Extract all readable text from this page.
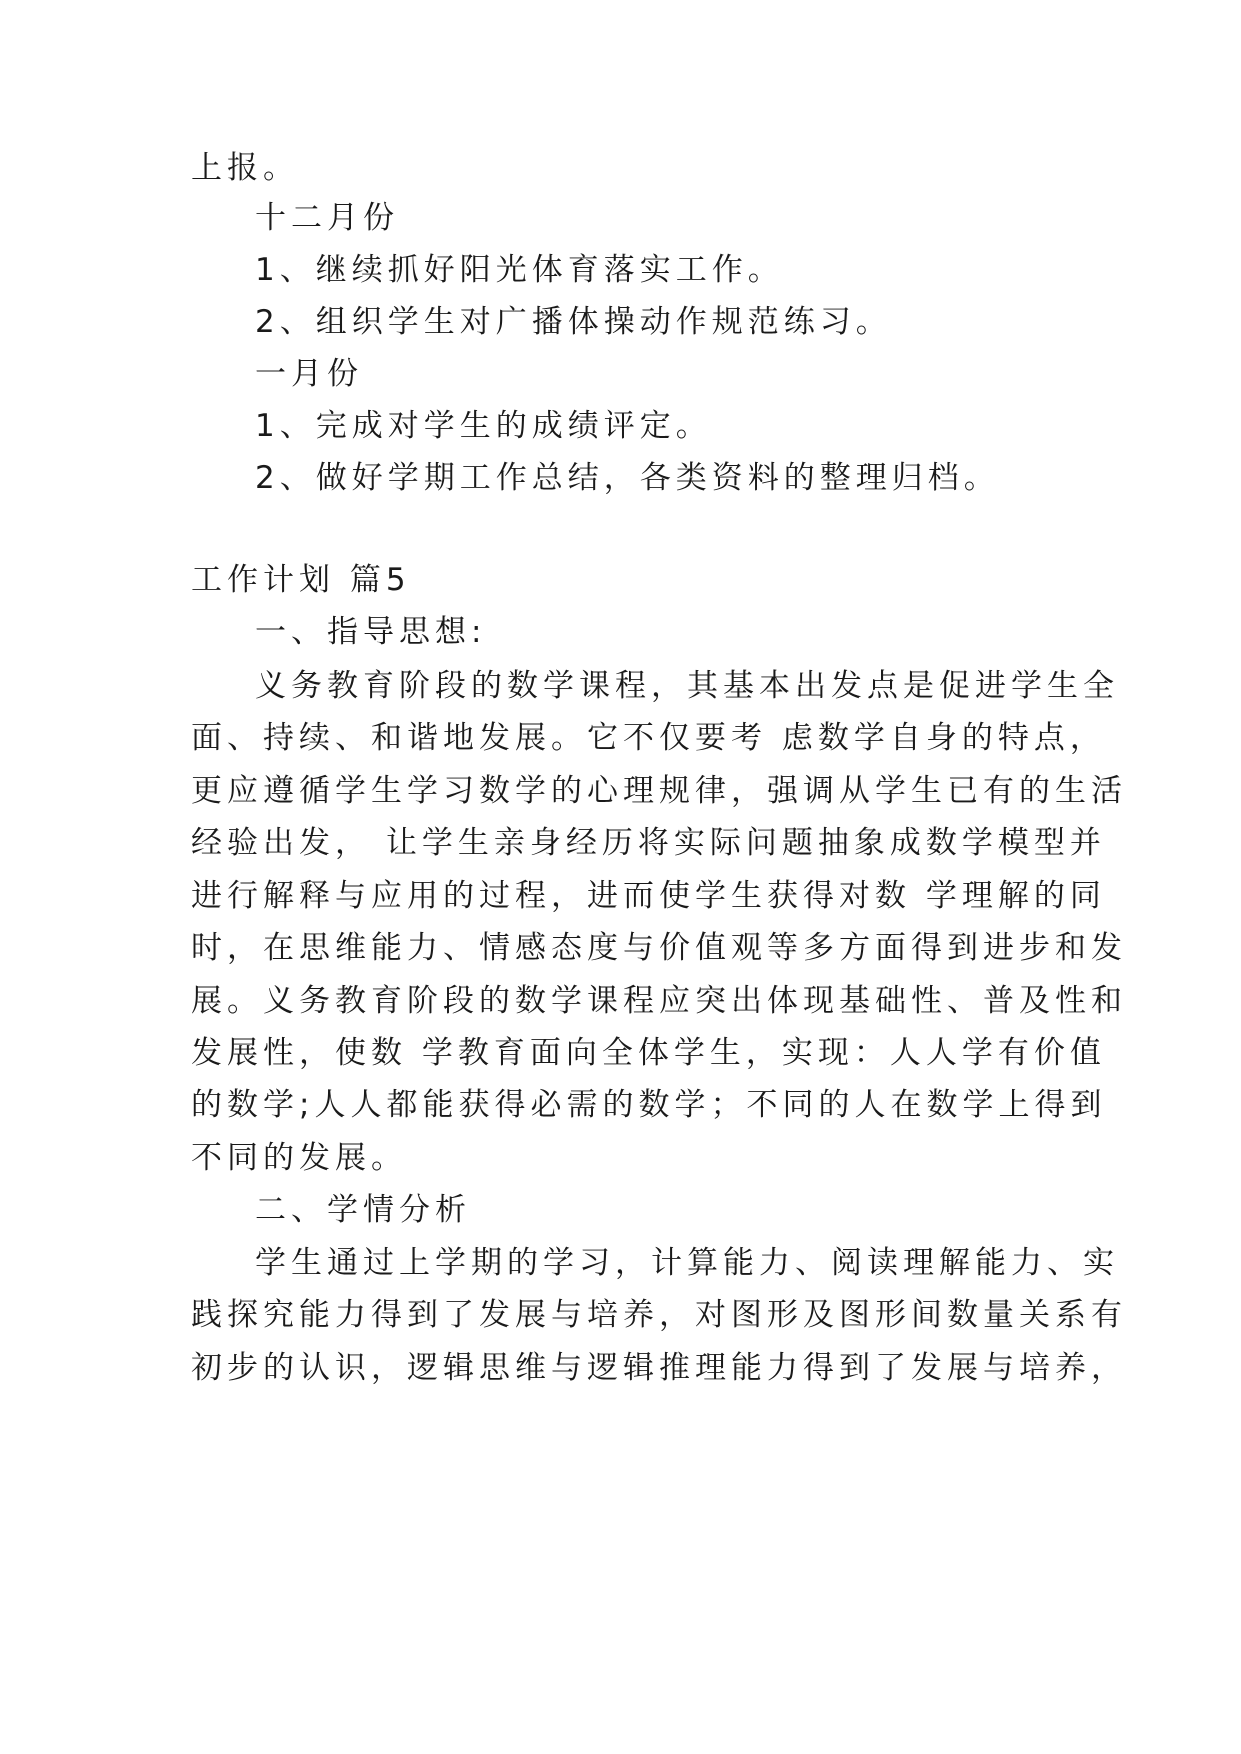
上报。
十二月份
1、继续抓好阳光体育落实工作。
2、组织学生对广播体操动作规范练习。
一月份
1、完成对学生的成绩评定。
2、做好学期工作总结，各类资料的整理归档。
工作计划 篇5
一、指导思想:
义务教育阶段的数学课程，其基本出发点是促进学生全
面、持续、和谐地发展。它不仅要考 虑数学自身的特点，
更应遵循学生学习数学的心理规律，强调从学生已有的生活
经验出发， 让学生亲身经历将实际问题抽象成数学模型并
进行解释与应用的过程，进而使学生获得对数 学理解的同
时，在思维能力、情感态度与价值观等多方面得到进步和发
展。义务教育阶段的数学课程应突出体现基础性、普及性和
发展性，使数 学教育面向全体学生，实现：人人学有价值
的数学;人人都能获得必需的数学；不同的人在数学上得到
不同的发展。
二、学情分析
学生通过上学期的学习，计算能力、阅读理解能力、实
践探究能力得到了发展与培养，对图形及图形间数量关系有
初步的认识，逻辑思维与逻辑推理能力得到了发展与培养，
